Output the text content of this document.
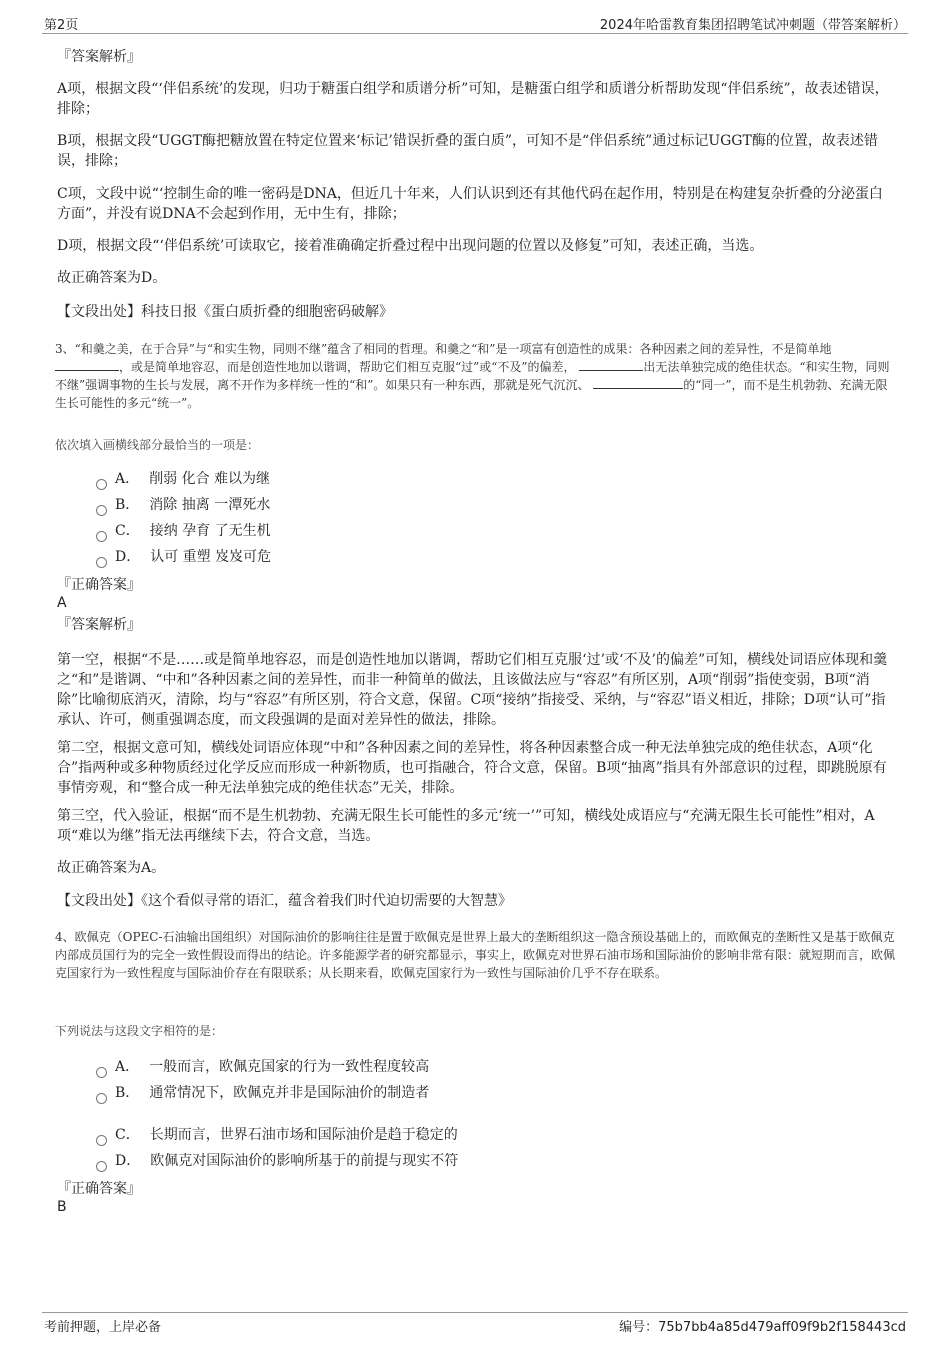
第2页	2024年哈雷教育集团招聘笔试冲刺题（带答案解析）
『答案解析』
A项，根据文段“‘伴侣系统’的发现，归功于糖蛋白组学和质谱分析”可知，是糖蛋白组学和质谱分析帮助发现“伴侣系统”，故表述错误，排除；
B项，根据文段“UGGT酶把糖放置在特定位置来‘标记’错误折叠的蛋白质”，可知不是“伴侣系统”通过标记UGGT酶的位置，故表述错误，排除；
C项，文段中说“‘控制生命的唯一密码是DNA，但近几十年来，人们认识到还有其他代码在起作用，特别是在构建复杂折叠的分泌蛋白方面”，并没有说DNA不会起到作用，无中生有，排除；
D项，根据文段“‘伴侣系统’可读取它，接着准确确定折叠过程中出现问题的位置以及修复”可知，表述正确，当选。
故正确答案为D。
【文段出处】科技日报《蛋白质折叠的细胞密码破解》
3、“和羹之美，在于合异”与“和实生物，同则不继”蕴含了相同的哲理。和羹之“和”是一项富有创造性的成果：各种因素之间的差异性，不是简单地 ，或是简单地容忍，而是创造性地加以谐调，帮助它们相互克服“过”或“不及”的偏差，	出无法单独完成的绝佳状态。“和实生物，同则不继”强调事物的生长与发展，离不开作为多样统一性的“和”。如果只有一种东西，那就是死气沉沉、	的“同一”，而不是生机勃勃、充满无限生长可能性的多元“统一”。
依次填入画横线部分最恰当的一项是：
A． 削弱 化合 难以为继
B． 消除 抽离 一潭死水
C． 接纳 孕育 了无生机
D． 认可 重塑 岌岌可危
『正确答案』
A
『答案解析』
第一空，根据“不是……或是简单地容忍，而是创造性地加以谐调，帮助它们相互克服‘过’或‘不及’的偏差”可知，横线处词语应体现和羹之“和”是谐调、“中和”各种因素之间的差异性，而非一种简单的做法，且该做法应与“容忍”有所区别，A项“削弱”指使变弱，B项“消除”比喻彻底消灭，清除，均与“容忍”有所区别，符合文意，保留。C项“接纳”指接受、采纳，与“容忍”语义相近，排除；D项“认可”指承认、许可，侧重强调态度，而文段强调的是面对差异性的做法，排除。
第二空，根据文意可知，横线处词语应体现“中和”各种因素之间的差异性，将各种因素整合成一种无法单独完成的绝佳状态，A项“化合”指两种或多种物质经过化学反应而形成一种新物质，也可指融合，符合文意，保留。B项“抽离”指具有外部意识的过程，即跳脱原有事情旁观，和“整合成一种无法单独完成的绝佳状态”无关，排除。
第三空，代入验证，根据“而不是生机勃勃、充满无限生长可能性的多元‘统一’”可知，横线处成语应与“充满无限生长可能性”相对，A项“难以为继”指无法再继续下去，符合文意，当选。
故正确答案为A。
【文段出处】《这个看似寻常的语汇，蕴含着我们时代迫切需要的大智慧》
4、欧佩克（OPEC-石油输出国组织）对国际油价的影响往往是置于欧佩克是世界上最大的垄断组织这一隐含预设基础上的，而欧佩克的垄断性又是基于欧佩克内部成员国行为的完全一致性假设而得出的结论。许多能源学者的研究都显示，事实上，欧佩克对世界石油市场和国际油价的影响非常有限：就短期而言，欧佩克国家行为一致性程度与国际油价存在有限联系；从长期来看，欧佩克国家行为一致性与国际油价几乎不存在联系。
下列说法与这段文字相符的是：
A． 一般而言，欧佩克国家的行为一致性程度较高
B． 通常情况下，欧佩克并非是国际油价的制造者
C． 长期而言，世界石油市场和国际油价是趋于稳定的
D． 欧佩克对国际油价的影响所基于的前提与现实不符
『正确答案』
B
考前押题，上岸必备	编号：75b7bb4a85d479aff09f9b2f158443cd
